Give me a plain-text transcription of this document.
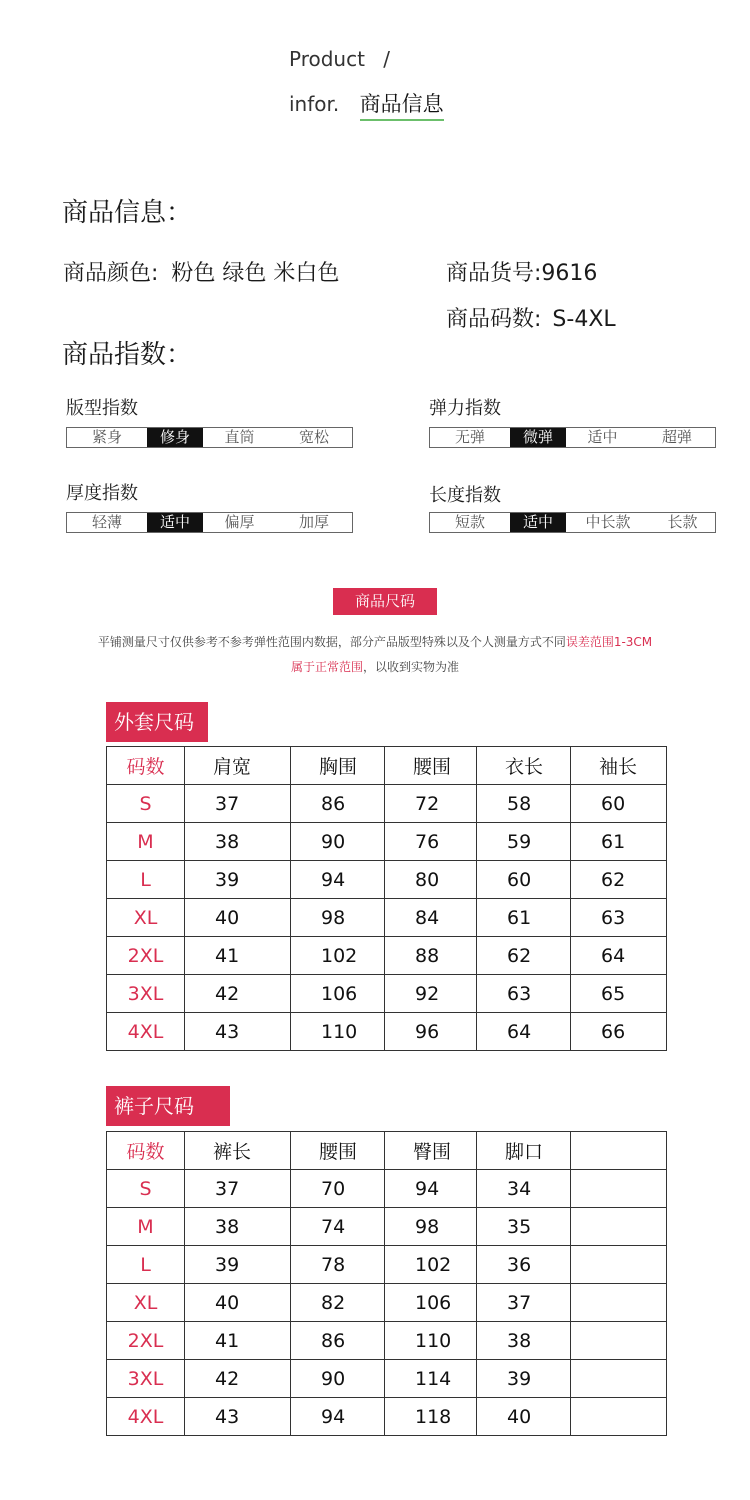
Product /
infor. 商品信息
商品信息：
商品颜色: 粉色 绿色 米白色	商品货号:9616
商品码数: S-4XL
商品指数：
版型指数
紧身	修身	直筒	宽松
弹力指数
无弹	微弹	适中	超弹
厚度指数
轻薄	适中	偏厚	加厚
长度指数
短款	适中	中长款	长款
商品尺码
平铺测量尺寸仅供参考不参考弹性范围内数据，部分产品版型特殊以及个人测量方式不同误差范围1-3CM
属于正常范围，以收到实物为准
外套尺码
码数	肩宽	胸围	腰围	衣长	袖长
S	37	86	72	58	60
M	38	90	76	59	61
L	39	94	80	60	62
XL	40	98	84	61	63
2XL	41	102	88	62	64
3XL	42	106	92	63	65
4XL	43	110	96	64	66
裤子尺码
码数	裤长	腰围	臀围	脚口	
S	37	70	94	34	
M	38	74	98	35	
L	39	78	102	36	
XL	40	82	106	37	
2XL	41	86	110	38	
3XL	42	90	114	39	
4XL	43	94	118	40	
